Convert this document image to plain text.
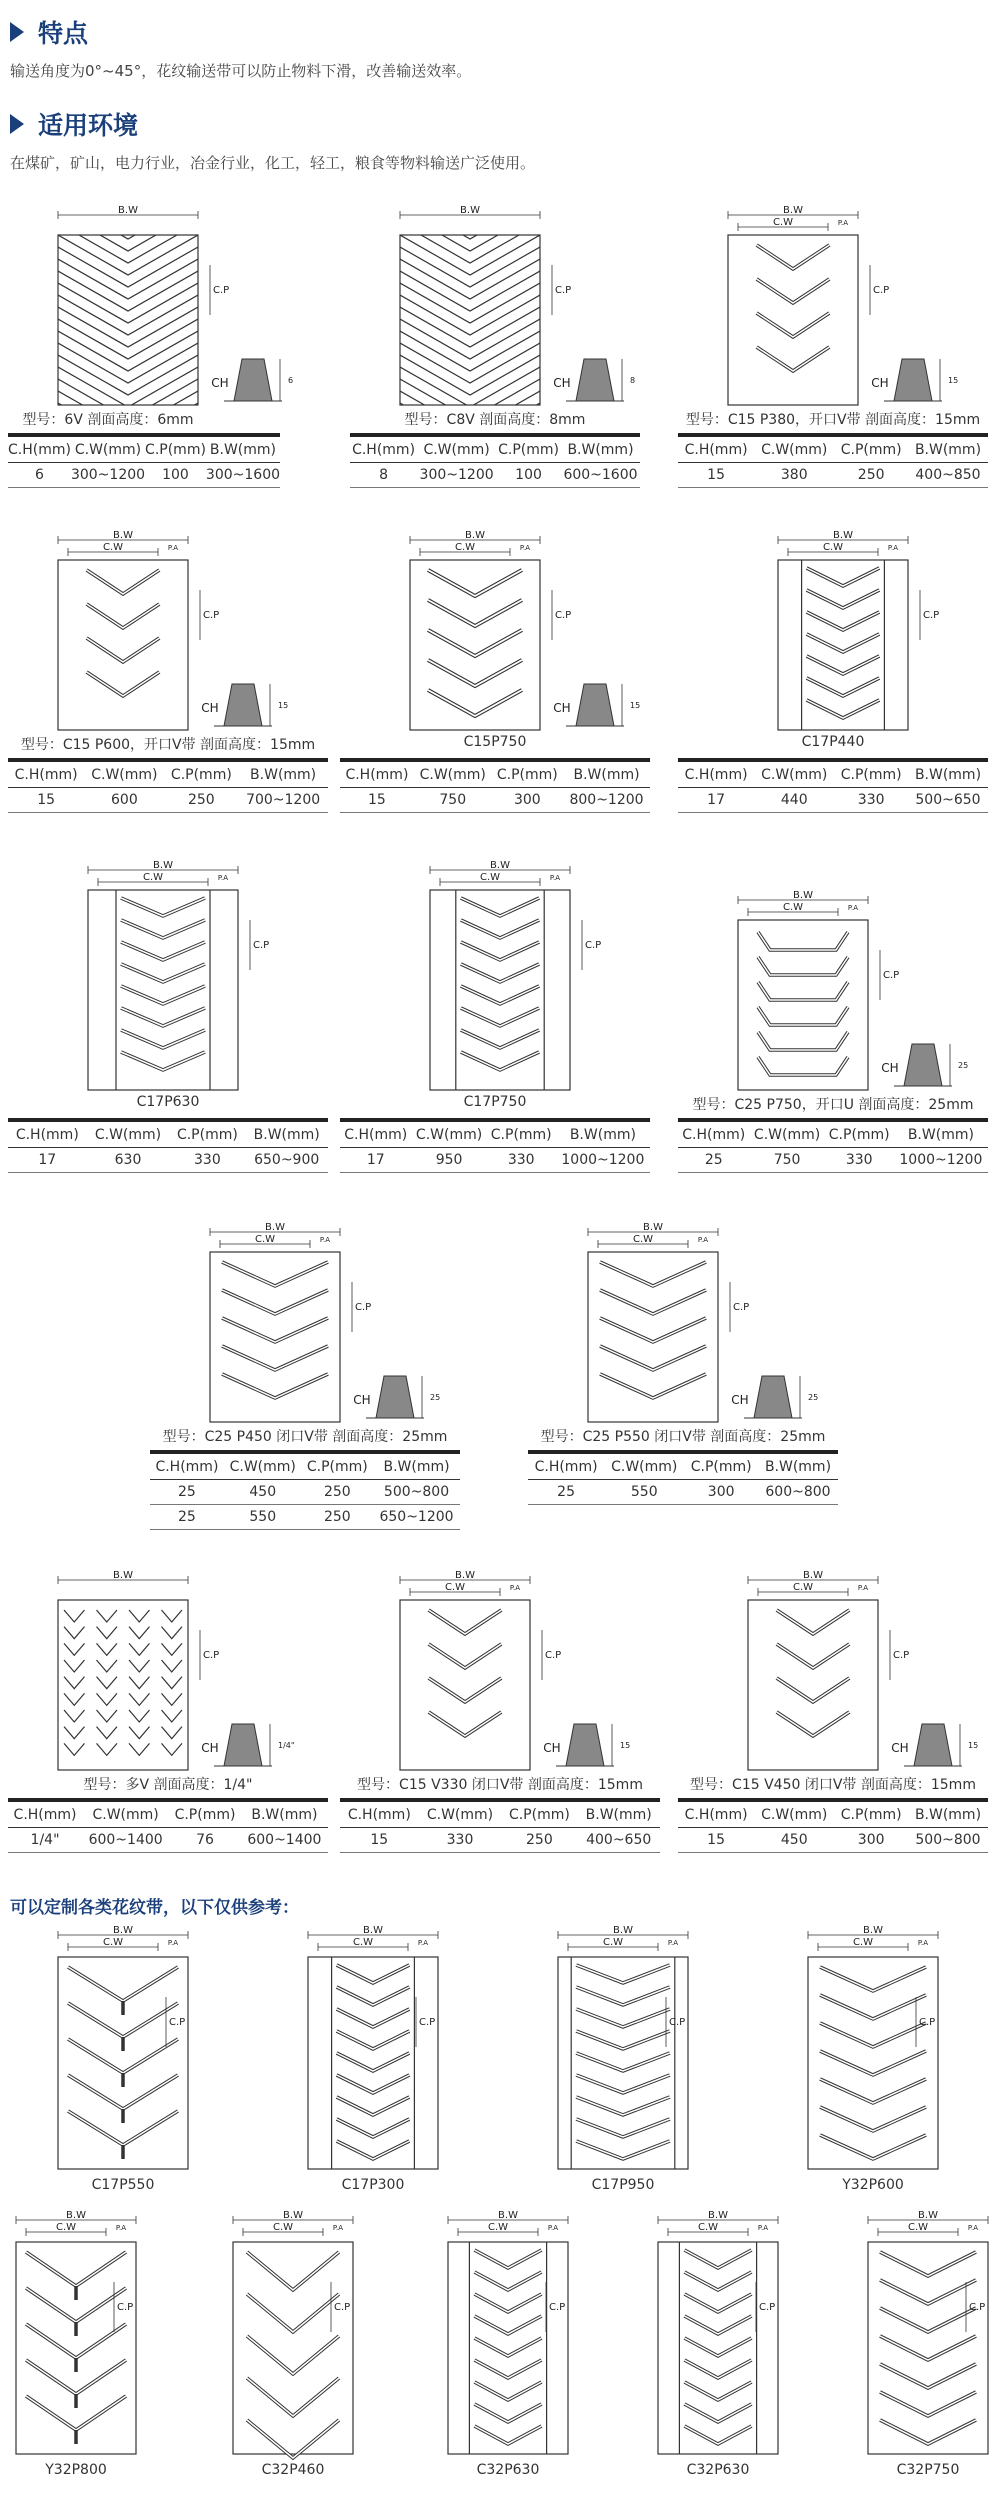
特点
输送角度为0°~45°，花纹输送带可以防止物料下滑，改善输送效率。
适用环境
在煤矿，矿山，电力行业，冶金行业，化工，轻工，粮食等物料输送广泛使用。
B.W
C.P
CH	6
型号：6V 剖面高度：6mm
C.H(mm)	C.W(mm)	C.P(mm)	B.W(mm)
6	300~1200	100	300~1600
B.W
C.P
CH	8
型号：C8V 剖面高度：8mm
C.H(mm)	C.W(mm)	C.P(mm)	B.W(mm)
8	300~1200	100	600~1600
B.W
C.W	P.A
C.P
CH	15
型号：C15 P380，开口V带 剖面高度：15mm
C.H(mm)	C.W(mm)	C.P(mm)	B.W(mm)
15	380	250	400~850
B.W
C.W	P.A
C.P
CH	15
型号：C15 P600，开口V带 剖面高度：15mm
C.H(mm)	C.W(mm)	C.P(mm)	B.W(mm)
15	600	250	700~1200
B.W
C.W	P.A
C.P
CH	15
C15P750
C.H(mm)	C.W(mm)	C.P(mm)	B.W(mm)
15	750	300	800~1200
B.W
C.W	P.A
C.P
C17P440
C.H(mm)	C.W(mm)	C.P(mm)	B.W(mm)
17	440	330	500~650
B.W
C.W	P.A
C.P
C17P630
C.H(mm)	C.W(mm)	C.P(mm)	B.W(mm)
17	630	330	650~900
B.W
C.W	P.A
C.P
C17P750
C.H(mm)	C.W(mm)	C.P(mm)	B.W(mm)
17	950	330	1000~1200
B.W
C.W	P.A
C.P
CH	25
型号：C25 P750，开口U 剖面高度：25mm
C.H(mm)	C.W(mm)	C.P(mm)	B.W(mm)
25	750	330	1000~1200
B.W
C.W	P.A
C.P
CH	25
型号：C25 P450 闭口V带 剖面高度：25mm
C.H(mm)	C.W(mm)	C.P(mm)	B.W(mm)
25	450	250	500~800
25	550	250	650~1200
B.W
C.W	P.A
C.P
CH	25
型号：C25 P550 闭口V带 剖面高度：25mm
C.H(mm)	C.W(mm)	C.P(mm)	B.W(mm)
25	550	300	600~800
B.W
C.P
CH	1/4"
型号：多V 剖面高度：1/4"
C.H(mm)	C.W(mm)	C.P(mm)	B.W(mm)
1/4"	600~1400	76	600~1400
B.W
C.W	P.A
C.P
CH	15
型号：C15 V330 闭口V带 剖面高度：15mm
C.H(mm)	C.W(mm)	C.P(mm)	B.W(mm)
15	330	250	400~650
B.W
C.W	P.A
C.P
CH	15
型号：C15 V450 闭口V带 剖面高度：15mm
C.H(mm)	C.W(mm)	C.P(mm)	B.W(mm)
15	450	300	500~800
可以定制各类花纹带，以下仅供参考：
B.W
C.W	P.A
C.P
C17P550
B.W
C.W	P.A
C.P
C17P300
B.W
C.W	P.A
C.P
C17P950
B.W
C.W	P.A
C.P
Y32P600
B.W
C.W	P.A
C.P
Y32P800
B.W
C.W	P.A
C.P
C32P460
B.W
C.W	P.A
C.P
C32P630
B.W
C.W	P.A
C.P
C32P630
B.W
C.W	P.A
C.P
C32P750
